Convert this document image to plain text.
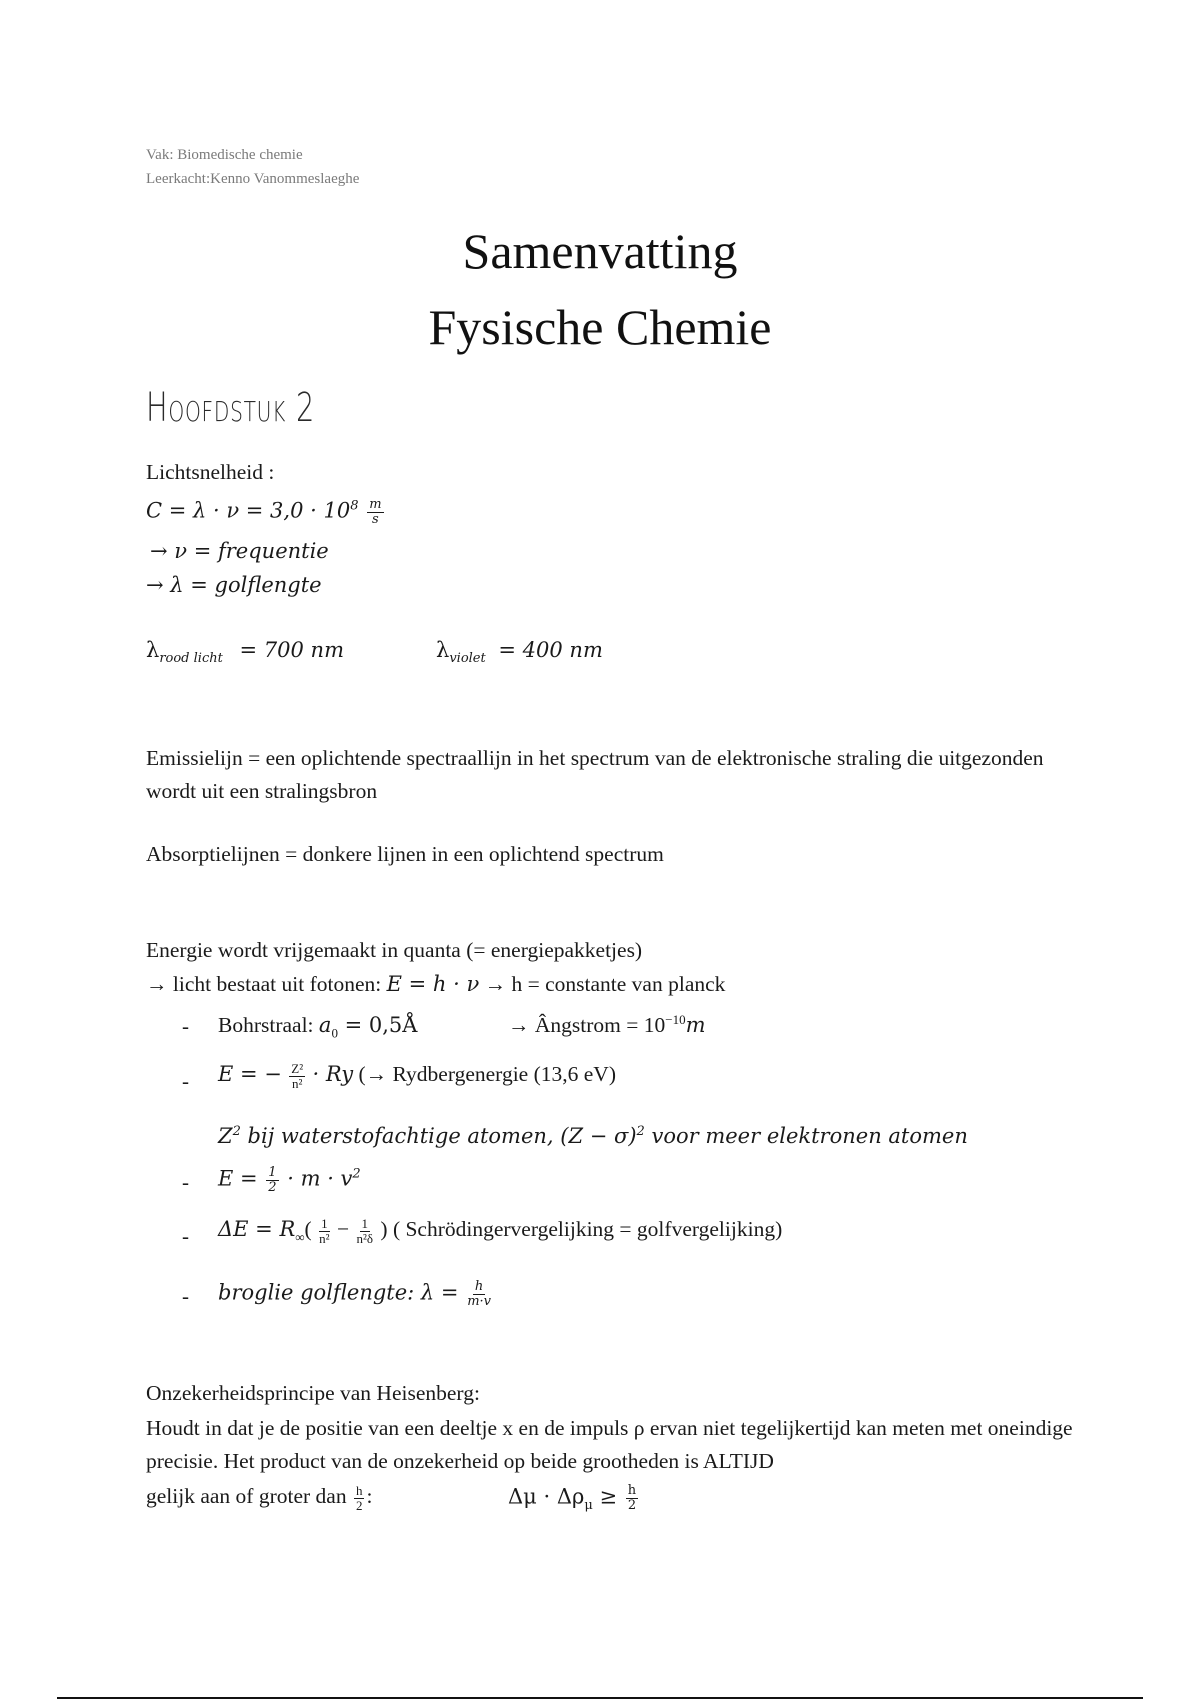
Vak: Biomedische chemie
Leerkacht:Kenno Vanommeslaeghe
Samenvatting
Fysische Chemie
Hoofdstuk 2
Lichtsnelheid :
$C = \lambda \cdot \nu = 3,0 \cdot 10^8 \frac{m}{s}$
→ ν = frequentie
→ λ = golflengte
$\lambda_{rood licht} = 700$ nm	$\lambda_{violet} = 400$ nm
Emissielijn = een oplichtende spectraallijn in het spectrum van de elektronische straling die uitgezonden wordt uit een stralingsbron
Absorptielijnen = donkere lijnen in een oplichtend spectrum
Energie wordt vrijgemaakt in quanta (= energiepakketjes)
→ licht bestaat uit fotonen: E = h · ν → h = constante van planck
- Bohrstraal: $a_0$ = 0,5Å	→ Ângstrom = $10^{-10}m$
- E = − $\frac{\text{Z²}}{\text{n²}} \cdot Ry$ (→ Rydbergenergie (13,6 eV)
$Z^2$ bij waterstofachtige atomen, $(Z - \sigma)^2$ voor meer elektronen atomen
- $E = \frac{1}{2} \cdot m \cdot v^2$
- $\Delta E = R_\infty( \frac{1}{\text{n²}} - \frac{1}{\text{n²δ}}$ ) ( Schrödingervergelijking = golfvergelijking)
- broglie golflengte: $\lambda = \frac{h}{m\cdot v}$
Onzekerheidsprincipe van Heisenberg:
Houdt in dat je de positie van een deeltje x en de impuls ρ ervan niet tegelijkertijd kan meten met oneindige precisie. Het product van de onzekerheid op beide grootheden is ALTIJD
gelijk aan of groter dan $\frac{h}{2}$ :	$\Delta\mu \cdot \Delta\rho_\mu \ge \frac{h}{2}$
